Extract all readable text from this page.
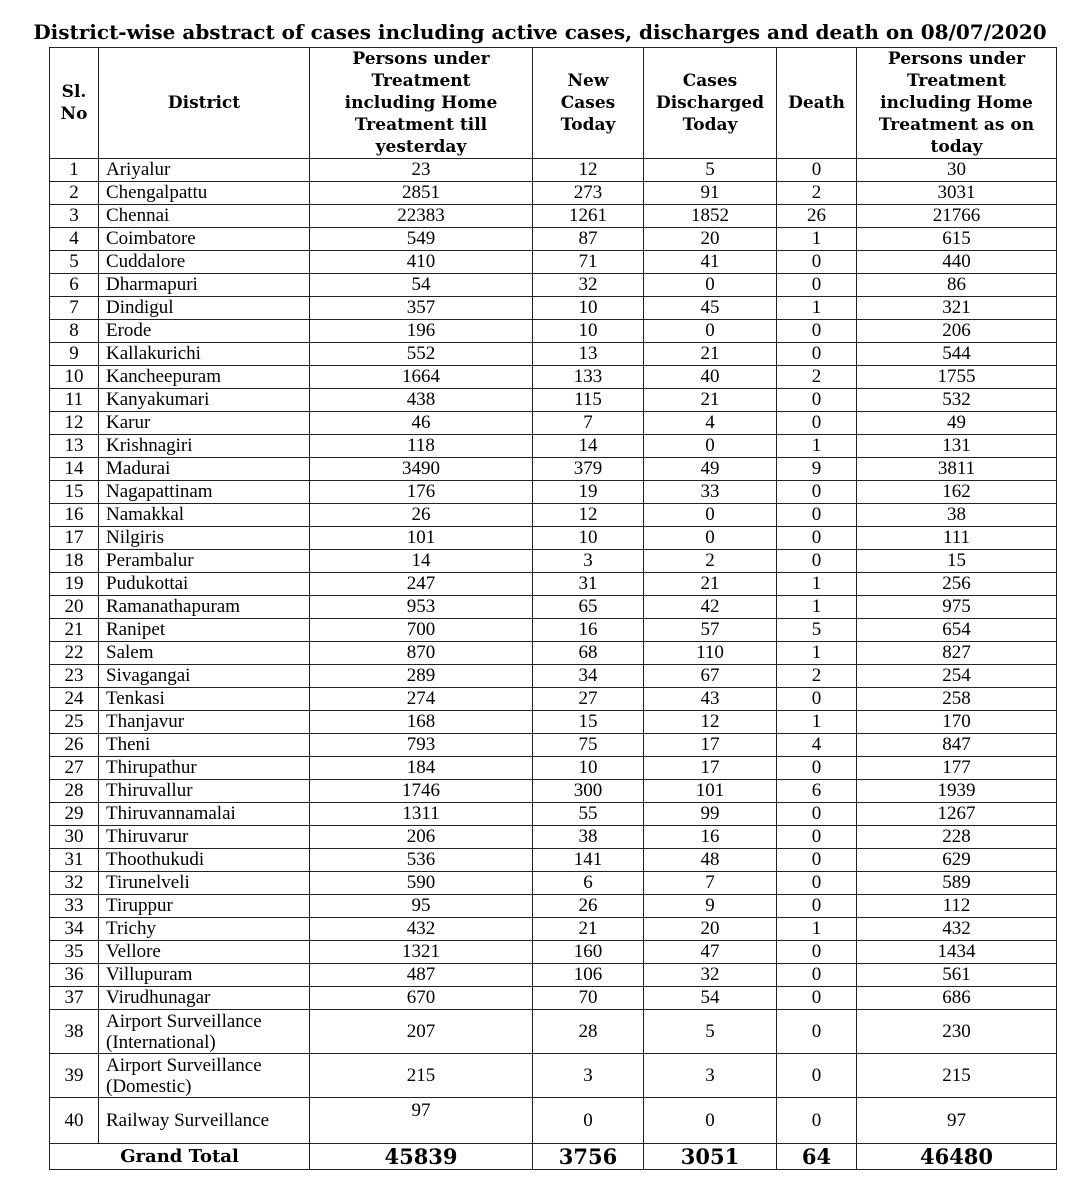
District-wise abstract of cases including active cases, discharges and death on 08/07/2020
Sl.
No	District	Persons under
Treatment
including Home
Treatment till
yesterday	New
Cases
Today	Cases
Discharged
Today	Death	Persons under
Treatment
including Home
Treatment as on
today
1	Ariyalur	23	12	5	0	30
2	Chengalpattu	2851	273	91	2	3031
3	Chennai	22383	1261	1852	26	21766
4	Coimbatore	549	87	20	1	615
5	Cuddalore	410	71	41	0	440
6	Dharmapuri	54	32	0	0	86
7	Dindigul	357	10	45	1	321
8	Erode	196	10	0	0	206
9	Kallakurichi	552	13	21	0	544
10	Kancheepuram	1664	133	40	2	1755
11	Kanyakumari	438	115	21	0	532
12	Karur	46	7	4	0	49
13	Krishnagiri	118	14	0	1	131
14	Madurai	3490	379	49	9	3811
15	Nagapattinam	176	19	33	0	162
16	Namakkal	26	12	0	0	38
17	Nilgiris	101	10	0	0	111
18	Perambalur	14	3	2	0	15
19	Pudukottai	247	31	21	1	256
20	Ramanathapuram	953	65	42	1	975
21	Ranipet	700	16	57	5	654
22	Salem	870	68	110	1	827
23	Sivagangai	289	34	67	2	254
24	Tenkasi	274	27	43	0	258
25	Thanjavur	168	15	12	1	170
26	Theni	793	75	17	4	847
27	Thirupathur	184	10	17	0	177
28	Thiruvallur	1746	300	101	6	1939
29	Thiruvannamalai	1311	55	99	0	1267
30	Thiruvarur	206	38	16	0	228
31	Thoothukudi	536	141	48	0	629
32	Tirunelveli	590	6	7	0	589
33	Tiruppur	95	26	9	0	112
34	Trichy	432	21	20	1	432
35	Vellore	1321	160	47	0	1434
36	Villupuram	487	106	32	0	561
37	Virudhunagar	670	70	54	0	686
38	Airport Surveillance (International)	207	28	5	0	230
39	Airport Surveillance (Domestic)	215	3	3	0	215
40	Railway Surveillance	97	0	0	0	97
Grand Total		45839	3756	3051	64	46480
